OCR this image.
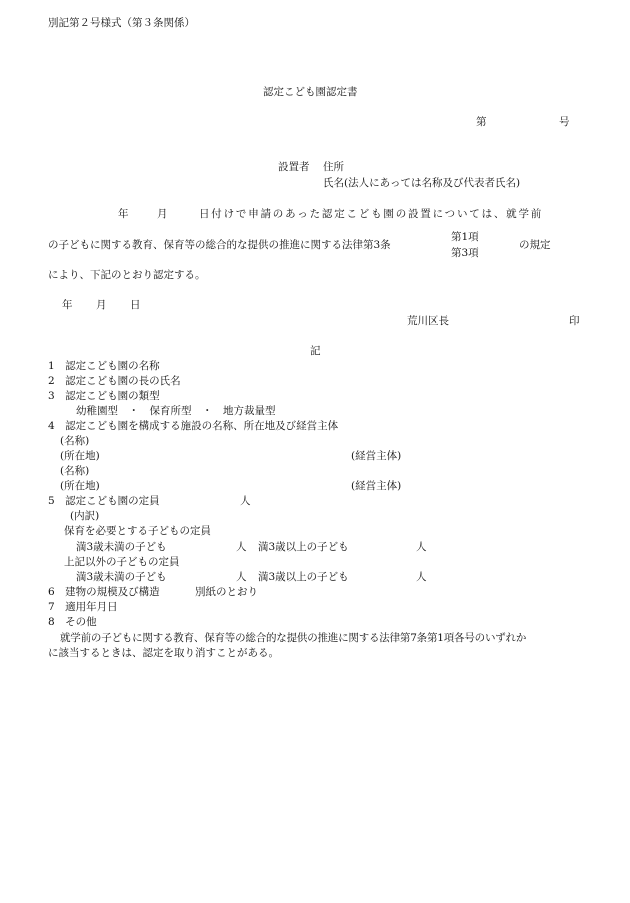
別記第２号様式（第３条関係）
認定こども園認定書
第	号
設置者 住所
氏名(法人にあっては名称及び代表者氏名)
年	月	日付けで申請のあった認定こども園の設置については、就学前
の子どもに関する教育、保育等の総合的な提供の推進に関する法律第3条
第1項
第3項
の規定
により、下記のとおり認定する。
年 月 日
荒川区長	印
記
1　認定こども園の名称
2　認定こども園の長の氏名
3　認定こども園の類型
幼稚園型　・　保育所型　・　地方裁量型
4　認定こども園を構成する施設の名称、所在地及び経営主体
(名称)
(所在地)	(経営主体)
(名称)
(所在地)	(経営主体)
5　認定こども園の定員	人
(内訳)
保育を必要とする子どもの定員
満3歳未満の子ども	人 満3歳以上の子ども	人
上記以外の子どもの定員
満3歳未満の子ども	人 満3歳以上の子ども	人
6　建物の規模及び構造	別紙のとおり
7　適用年月日
8　その他
就学前の子どもに関する教育、保育等の総合的な提供の推進に関する法律第7条第1項各号のいずれか
に該当するときは、認定を取り消すことがある。
